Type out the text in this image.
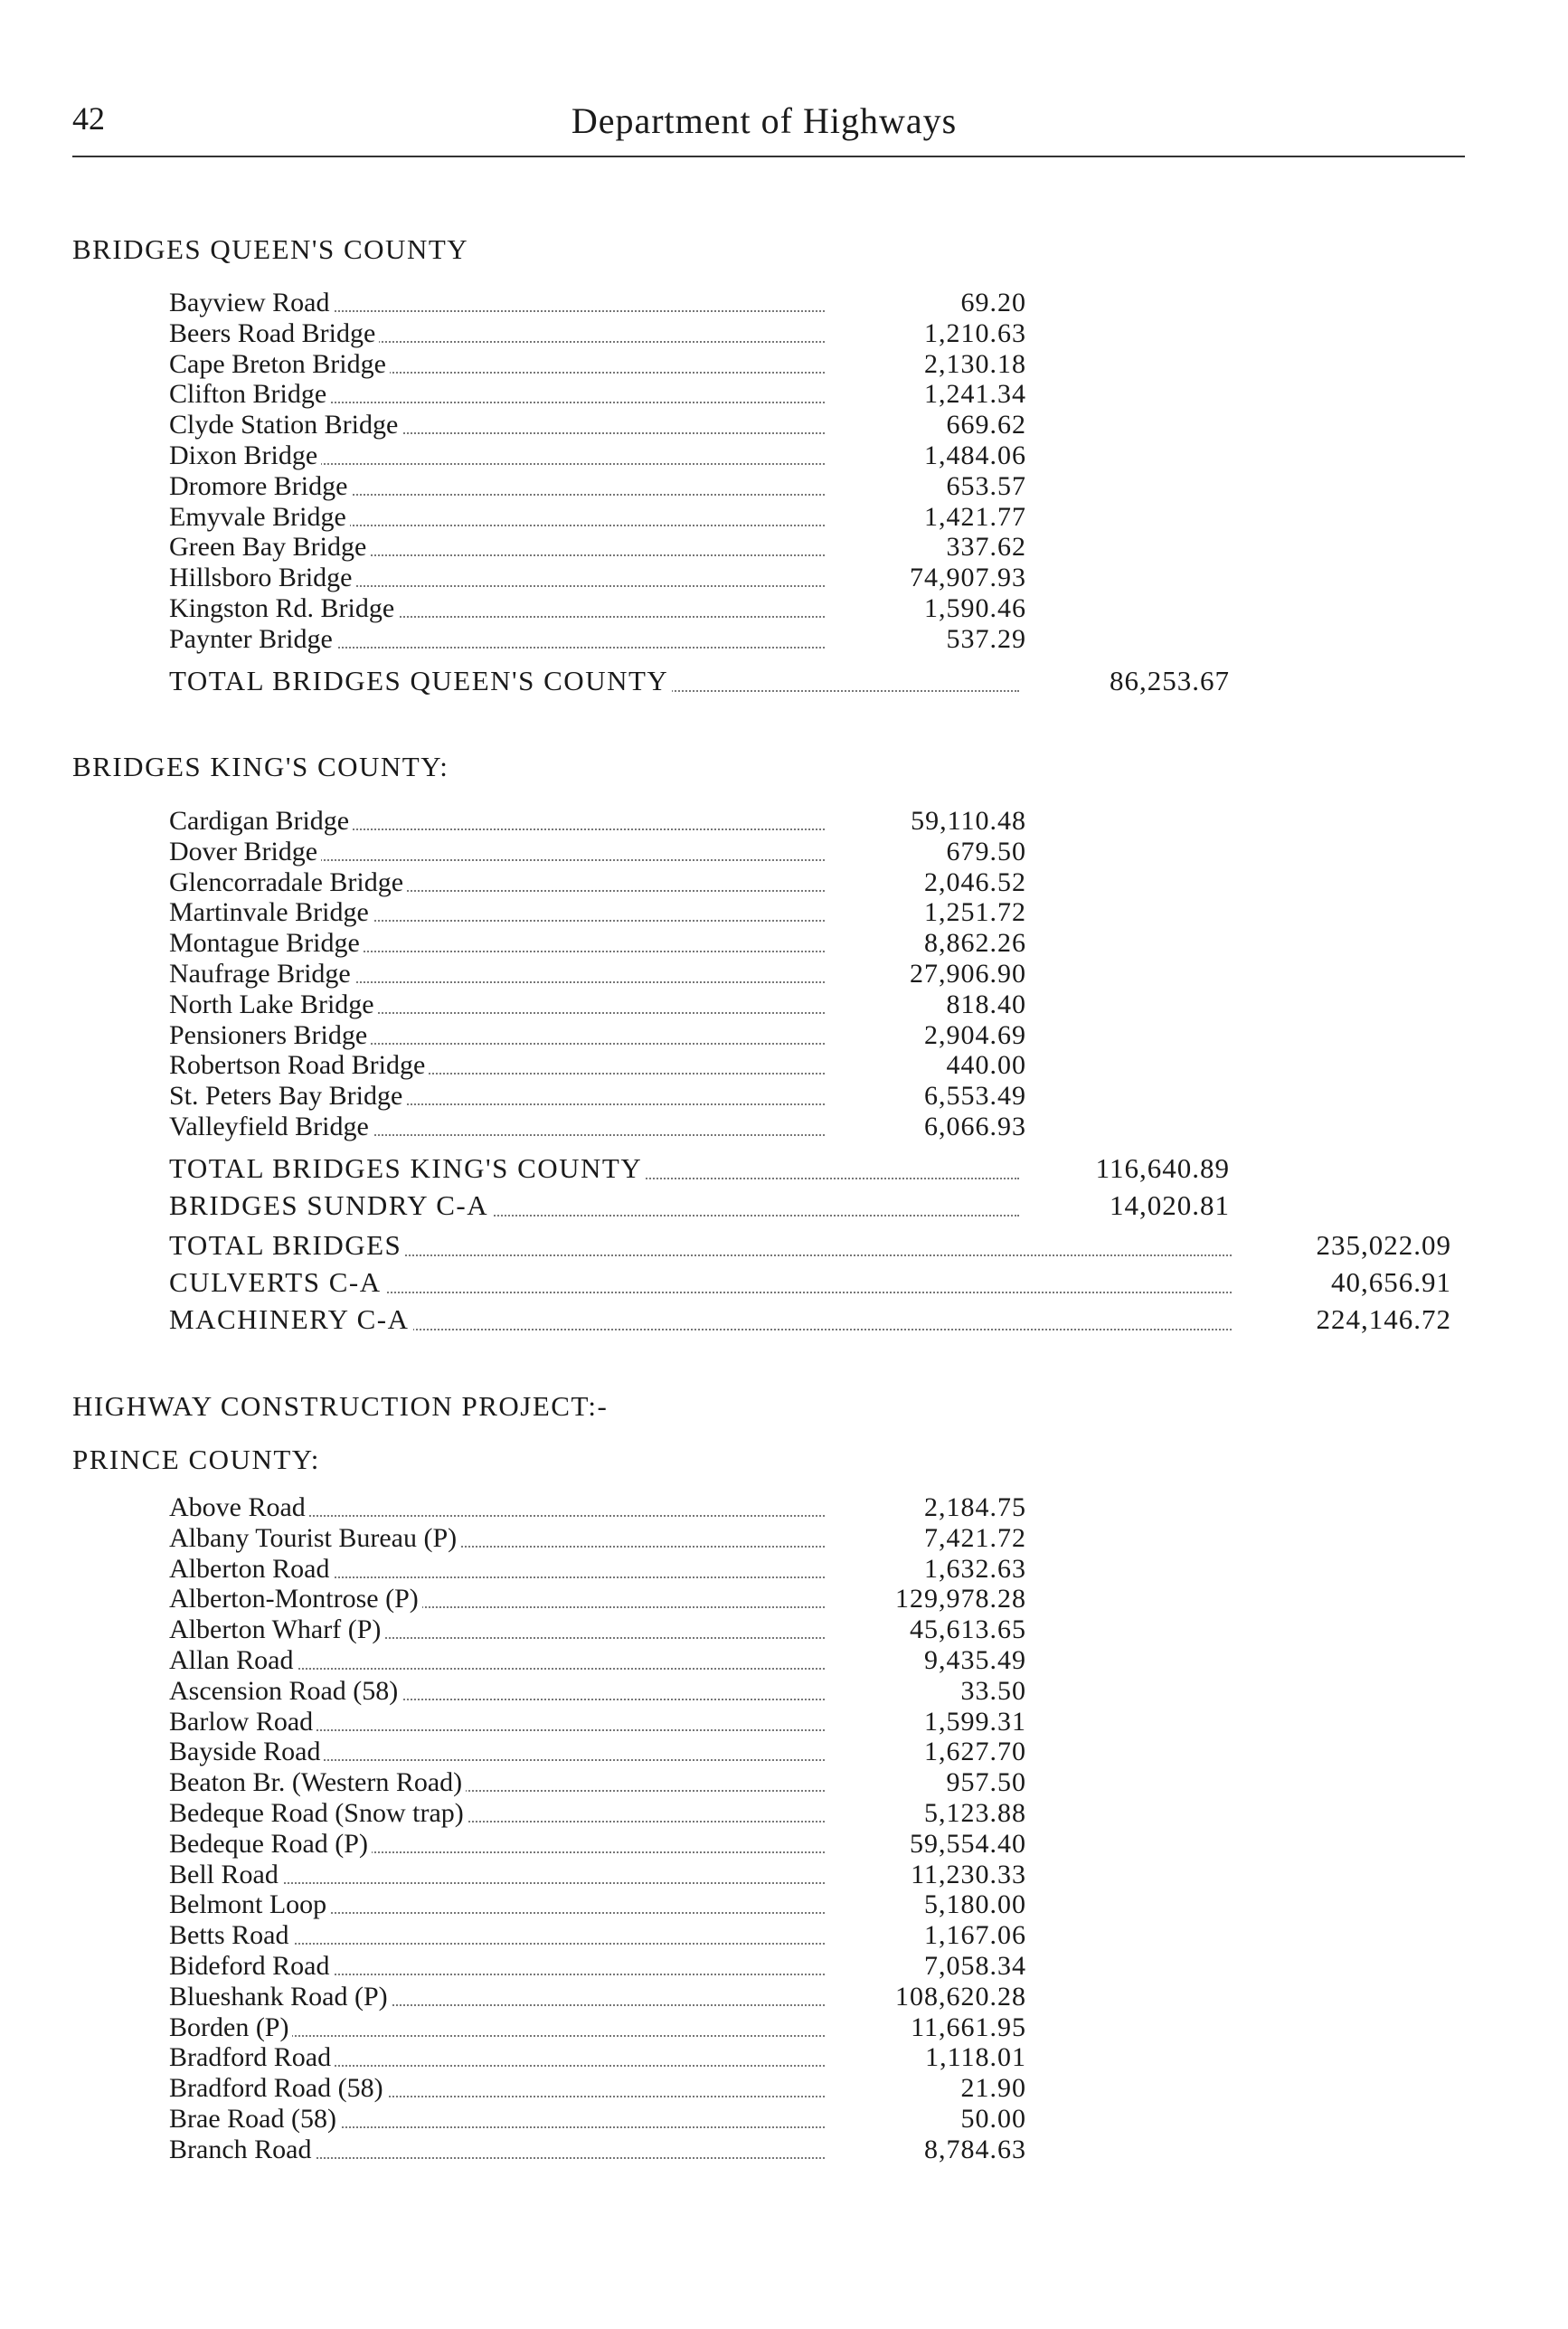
42	Department of Highways
BRIDGES QUEEN'S COUNTY
Bayview Road	69.20
Beers Road Bridge	1,210.63
Cape Breton Bridge	2,130.18
Clifton Bridge	1,241.34
Clyde Station Bridge	669.62
Dixon Bridge	1,484.06
Dromore Bridge	653.57
Emyvale Bridge	1,421.77
Green Bay Bridge	337.62
Hillsboro Bridge	74,907.93
Kingston Rd. Bridge	1,590.46
Paynter Bridge	537.29
TOTAL BRIDGES QUEEN'S COUNTY	86,253.67
BRIDGES KING'S COUNTY:
Cardigan Bridge	59,110.48
Dover Bridge	679.50
Glencorradale Bridge	2,046.52
Martinvale Bridge	1,251.72
Montague Bridge	8,862.26
Naufrage Bridge	27,906.90
North Lake Bridge	818.40
Pensioners Bridge	2,904.69
Robertson Road Bridge	440.00
St. Peters Bay Bridge	6,553.49
Valleyfield Bridge	6,066.93
TOTAL BRIDGES KING'S COUNTY	116,640.89
BRIDGES SUNDRY C-A	14,020.81
TOTAL BRIDGES	235,022.09
CULVERTS C-A	40,656.91
MACHINERY C-A	224,146.72
HIGHWAY CONSTRUCTION PROJECT:-
PRINCE COUNTY:
Above Road	2,184.75
Albany Tourist Bureau (P)	7,421.72
Alberton Road	1,632.63
Alberton-Montrose (P)	129,978.28
Alberton Wharf (P)	45,613.65
Allan Road	9,435.49
Ascension Road (58)	33.50
Barlow Road	1,599.31
Bayside Road	1,627.70
Beaton Br. (Western Road)	957.50
Bedeque Road (Snow trap)	5,123.88
Bedeque Road (P)	59,554.40
Bell Road	11,230.33
Belmont Loop	5,180.00
Betts Road	1,167.06
Bideford Road	7,058.34
Blueshank Road (P)	108,620.28
Borden (P)	11,661.95
Bradford Road	1,118.01
Bradford Road (58)	21.90
Brae Road (58)	50.00
Branch Road	8,784.63
